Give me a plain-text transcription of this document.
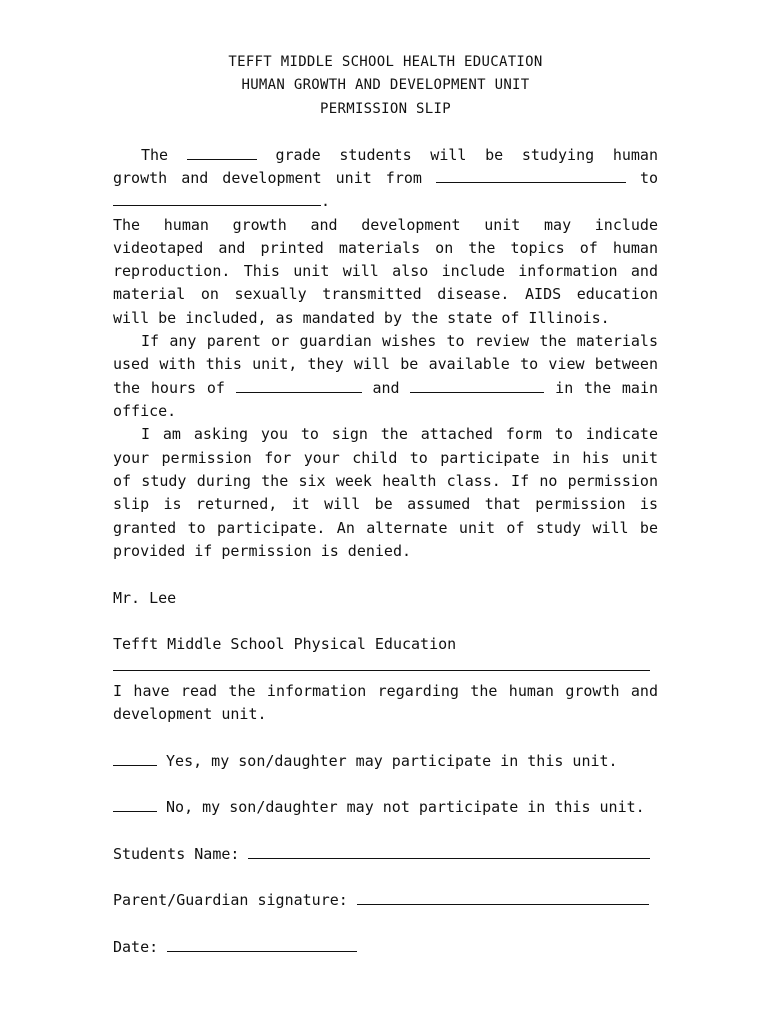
TEFFT MIDDLE SCHOOL HEALTH EDUCATION
HUMAN GROWTH AND DEVELOPMENT UNIT
PERMISSION SLIP
The	grade students will be studying human
growth and development unit from	to
.
The human growth and development unit may include
videotaped and printed materials on the topics of human
reproduction. This unit will also include information and
material on sexually transmitted disease. AIDS education
will be included, as mandated by the state of Illinois.
If any parent or guardian wishes to review the materials
used with this unit, they will be available to view between
the hours of	and	in the main
office.
I am asking you to sign the attached form to indicate
your permission for your child to participate in his unit
of study during the six week health class. If no permission
slip is returned, it will be assumed that permission is
granted to participate. An alternate unit of study will be
provided if permission is denied.
Mr. Lee
Tefft Middle School Physical Education
I have read the information regarding the human growth and
development unit.
Yes, my son/daughter may participate in this unit.
No, my son/daughter may not participate in this unit.
Students Name:
Parent/Guardian signature:
Date:
